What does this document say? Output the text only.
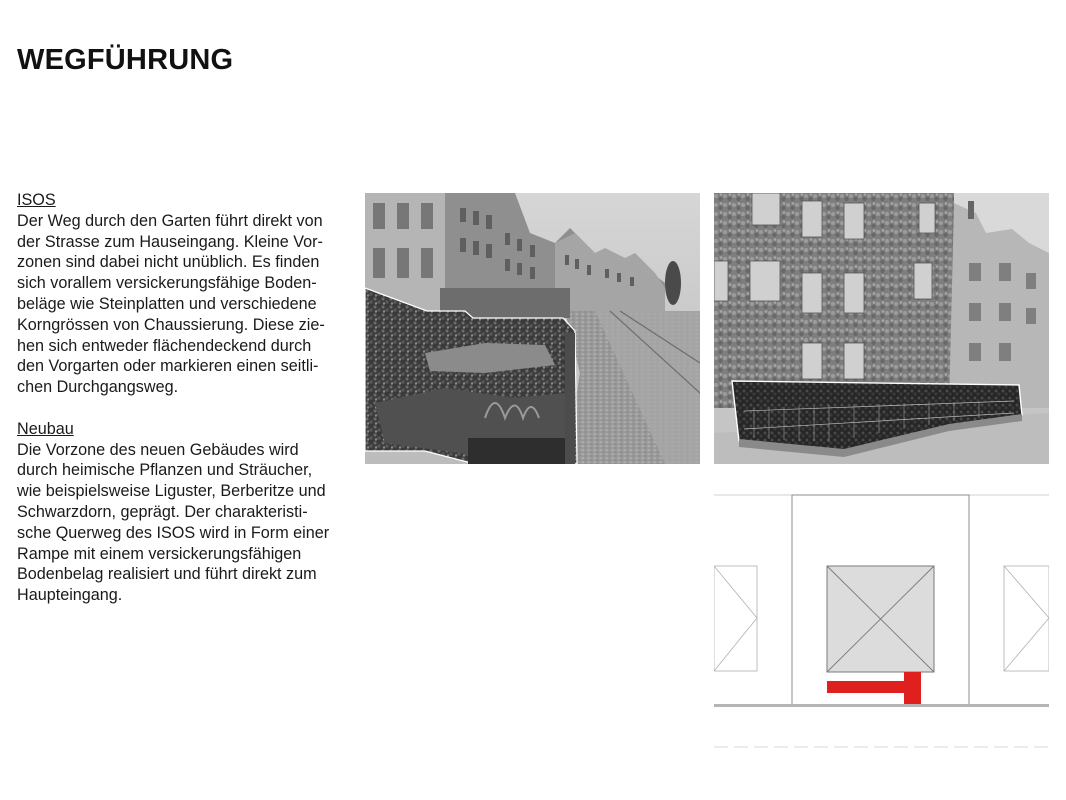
WEGFÜHRUNG
ISOS
Der Weg durch den Garten führt direkt von
der Strasse zum Hauseingang. Kleine Vor-
zonen sind dabei nicht unüblich. Es finden
sich vorallem versickerungsfähige Boden-
beläge wie Steinplatten und verschiedene
Korngrössen von Chaussierung. Diese zie-
hen sich entweder flächendeckend durch
den Vorgarten oder markieren einen seitli-
chen Durchgangsweg.
Neubau
Die Vorzone des neuen Gebäudes wird
durch heimische Pflanzen und Sträucher,
wie beispielsweise Liguster, Berberitze und
Schwarzdorn, geprägt. Der charakteristi-
sche Querweg des ISOS wird in Form einer
Rampe mit einem versickerungsfähigen
Bodenbelag realisiert und führt direkt zum
Haupteingang.
